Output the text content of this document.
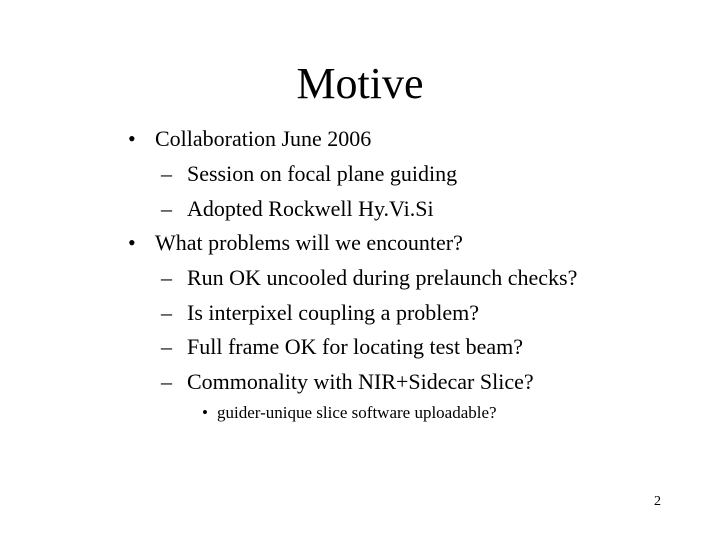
Motive
• Collaboration June 2006
– Session on focal plane guiding
– Adopted Rockwell Hy.Vi.Si
• What problems will we encounter?
– Run OK uncooled during prelaunch checks?
– Is interpixel coupling a problem?
– Full frame OK for locating test beam?
– Commonality with NIR+Sidecar Slice?
• guider-unique slice software uploadable?
2
